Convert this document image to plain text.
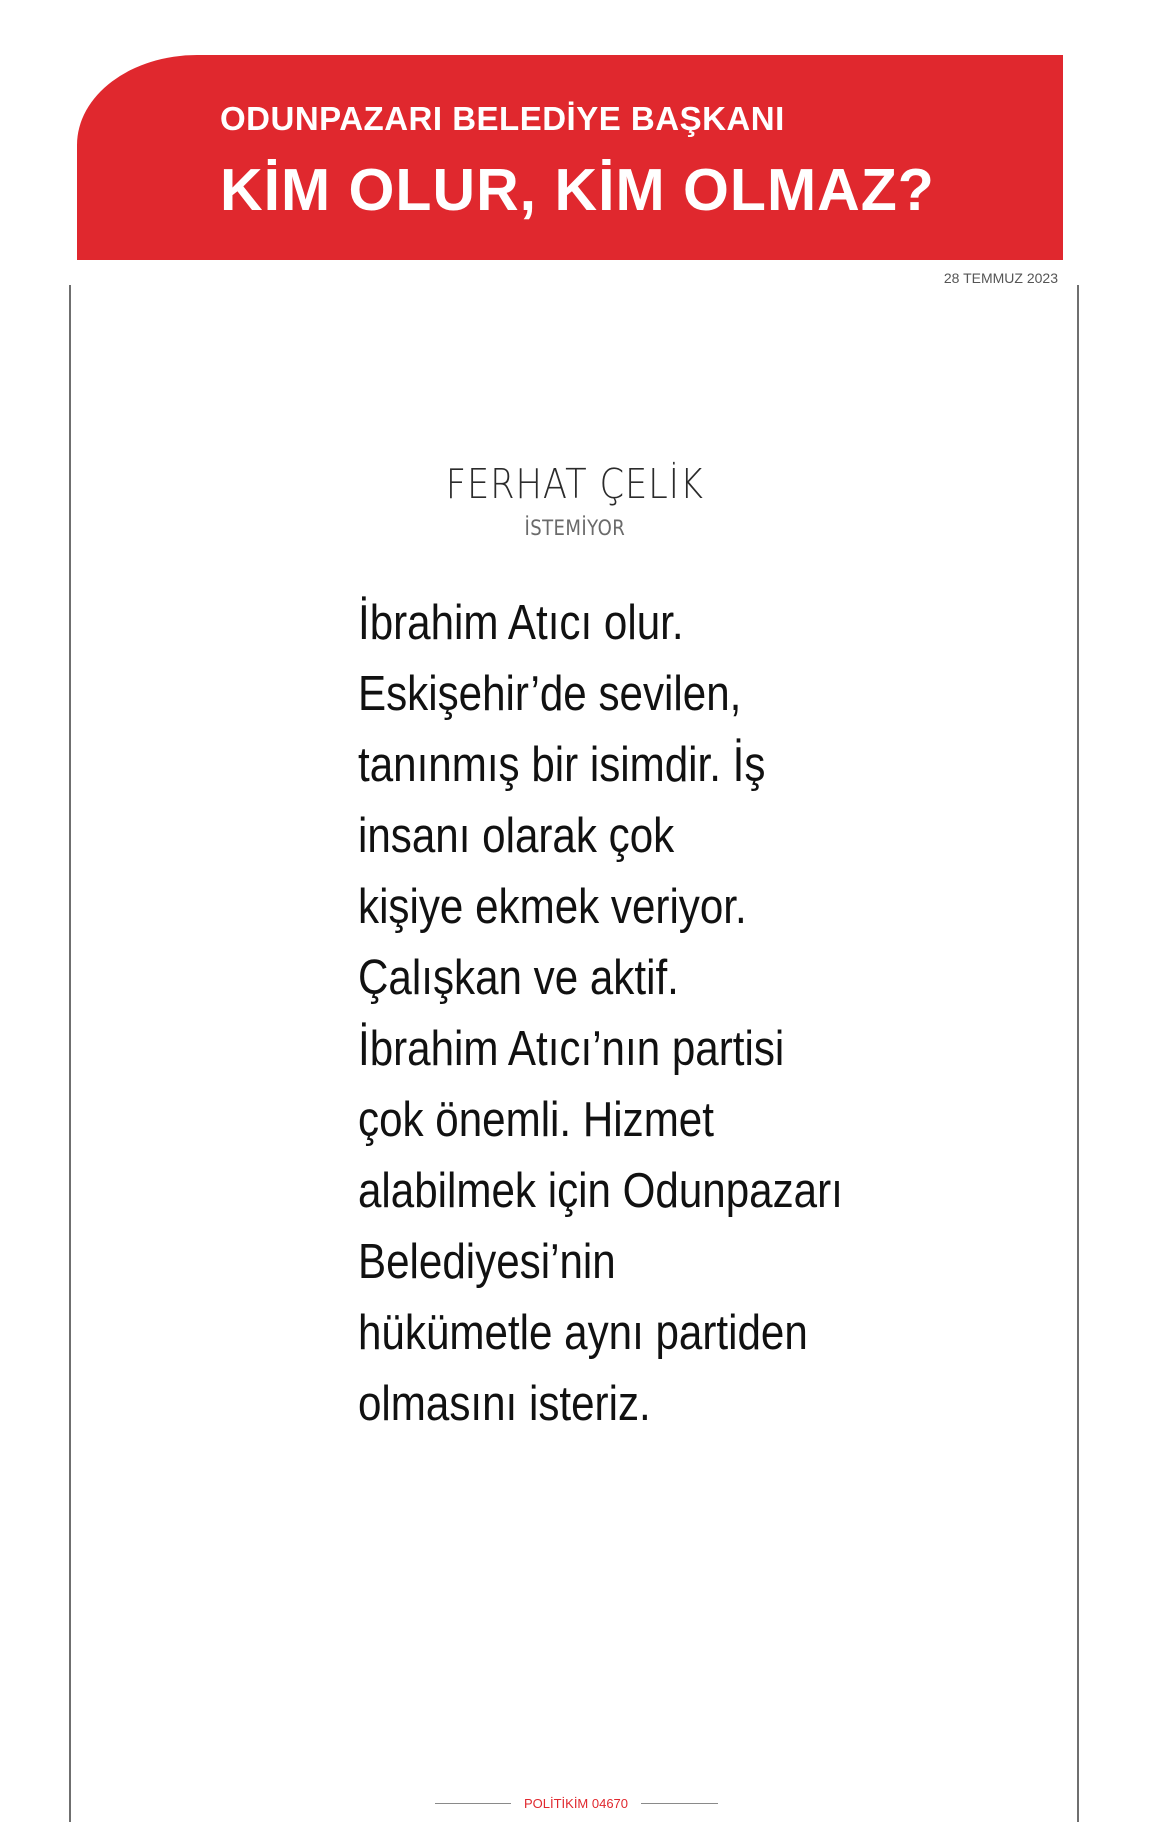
ODUNPAZARI BELEDİYE BAŞKANI
KİM OLUR, KİM OLMAZ?
28 TEMMUZ 2023
FERHAT ÇELİK
İSTEMİYOR
İbrahim Atıcı olur.
Eskişehir’de sevilen,
tanınmış bir isimdir. İş
insanı olarak çok
kişiye ekmek veriyor.
Çalışkan ve aktif.
İbrahim Atıcı’nın partisi
çok önemli. Hizmet
alabilmek için Odunpazarı
Belediyesi’nin
hükümetle aynı partiden
olmasını isteriz.
POLİTİKİM 04670
